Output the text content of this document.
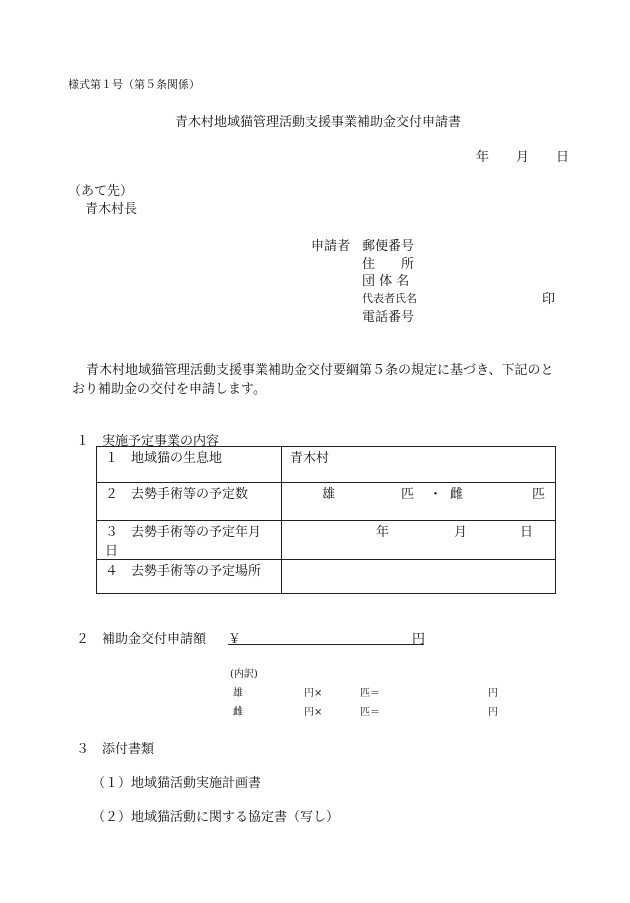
様式第１号（第５条関係）
青木村地域猫管理活動支援事業補助金交付申請書
年 月 日
（あて先）
青木村長
申請者 郵便番号
住　　所
団 体 名
代表者氏名	印
電話番号
青木村地域猫管理活動支援事業補助金交付要綱第５条の規定に基づき、下記のと
おり補助金の交付を申請します。
１　実施予定事業の内容
１　地域猫の生息地	青木村
２　去勢手術等の予定数	雄 匹 ・ 雌 匹

３　去勢手術等の予定年月日	年 月 日

４　去勢手術等の予定場所	
２　補助金交付申請額 ￥	円
(内訳)
雄	円×	匹＝	円
雌	円×	匹＝	円
３　添付書類
（１）地域猫活動実施計画書
（２）地域猫活動に関する協定書（写し）
